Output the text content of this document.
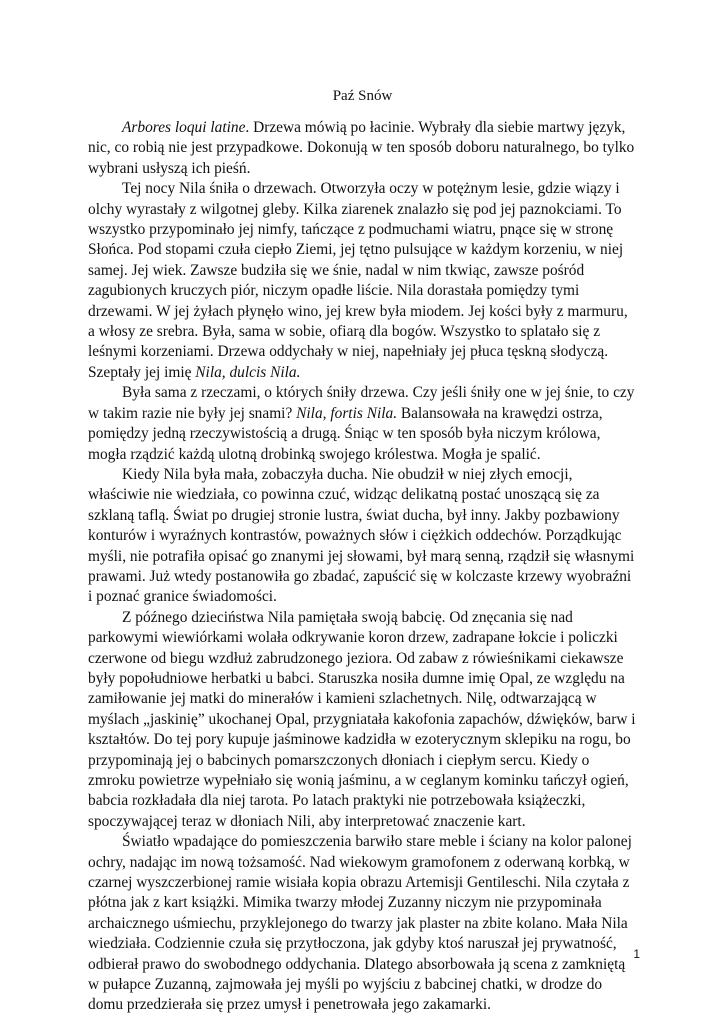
Paź Snów

Arbores loqui latine. Drzewa mówią po łacinie. Wybrały dla siebie martwy język, nic, co robią nie jest przypadkowe. Dokonują w ten sposób doboru naturalnego, bo tylko wybrani usłyszą ich pieśń.

Tej nocy Nila śniła o drzewach. Otworzyła oczy w potężnym lesie, gdzie wiązy i olchy wyrastały z wilgotnej gleby. Kilka ziarenek znalazło się pod jej paznokciami. To wszystko przypominało jej nimfy, tańczące z podmuchami wiatru, pnące się w stronę Słońca. Pod stopami czuła ciepło Ziemi, jej tętno pulsujące w każdym korzeniu, w niej samej. Jej wiek. Zawsze budziła się we śnie, nadal w nim tkwiąc, zawsze pośród zagubionych kruczych piór, niczym opadłe liście. Nila dorastała pomiędzy tymi drzewami. W jej żyłach płynęło wino, jej krew była miodem. Jej kości były z marmuru, a włosy ze srebra. Była, sama w sobie, ofiarą dla bogów. Wszystko to splatało się z leśnymi korzeniami. Drzewa oddychały w niej, napełniały jej płuca tęskną słodyczą. Szeptały jej imię Nila, dulcis Nila.

Była sama z rzeczami, o których śniły drzewa. Czy jeśli śniły one w jej śnie, to czy w takim razie nie były jej snami? Nila, fortis Nila. Balansowała na krawędzi ostrza, pomiędzy jedną rzeczywistością a drugą. Śniąc w ten sposób była niczym królowa, mogła rządzić każdą ulotną drobinką swojego królestwa. Mogła je spalić.

Kiedy Nila była mała, zobaczyła ducha. Nie obudził w niej złych emocji, właściwie nie wiedziała, co powinna czuć, widząc delikatną postać unoszącą się za szklaną taflą. Świat po drugiej stronie lustra, świat ducha, był inny. Jakby pozbawiony konturów i wyraźnych kontrastów, poważnych słów i ciężkich oddechów. Porządkując myśli, nie potrafiła opisać go znanymi jej słowami, był marą senną, rządził się własnymi prawami. Już wtedy postanowiła go zbadać, zapuścić się w kolczaste krzewy wyobraźni i poznać granice świadomości.

Z późnego dzieciństwa Nila pamiętała swoją babcię. Od znęcania się nad parkowymi wiewiórkami wolała odkrywanie koron drzew, zadrapane łokcie i policzki czerwone od biegu wzdłuż zabrudzonego jeziora. Od zabaw z rówieśnikami ciekawsze były popołudniowe herbatki u babci. Staruszka nosiła dumne imię Opal, ze względu na zamiłowanie jej matki do minerałów i kamieni szlachetnych. Nilę, odtwarzającą w myślach „jaskinię” ukochanej Opal, przygniatała kakofonia zapachów, dźwięków, barw i kształtów. Do tej pory kupuje jaśminowe kadzidła w ezoterycznym sklepiku na rogu, bo przypominają jej o babcinych pomarszczonych dłoniach i ciepłym sercu. Kiedy o zmroku powietrze wypełniało się wonią jaśminu, a w ceglanym kominku tańczył ogień, babcia rozkładała dla niej tarota. Po latach praktyki nie potrzebowała książeczki, spoczywającej teraz w dłoniach Nili, aby interpretować znaczenie kart.

Światło wpadające do pomieszczenia barwiło stare meble i ściany na kolor palonej ochry, nadając im nową tożsamość. Nad wiekowym gramofonem z oderwaną korbką, w czarnej wyszczerbionej ramie wisiała kopia obrazu Artemisji Gentileschi. Nila czytała z płótna jak z kart książki. Mimika twarzy młodej Zuzanny niczym nie przypominała archaicznego uśmiechu, przyklejonego do twarzy jak plaster na zbite kolano. Mała Nila wiedziała. Codziennie czuła się przytłoczona, jak gdyby ktoś naruszał jej prywatność, odbierał prawo do swobodnego oddychania. Dlatego absorbowała ją scena z zamkniętą w pułapce Zuzanną, zajmowała jej myśli po wyjściu z babcinej chatki, w drodze do domu przedzierała się przez umysł i penetrowała jego zakamarki.

1
